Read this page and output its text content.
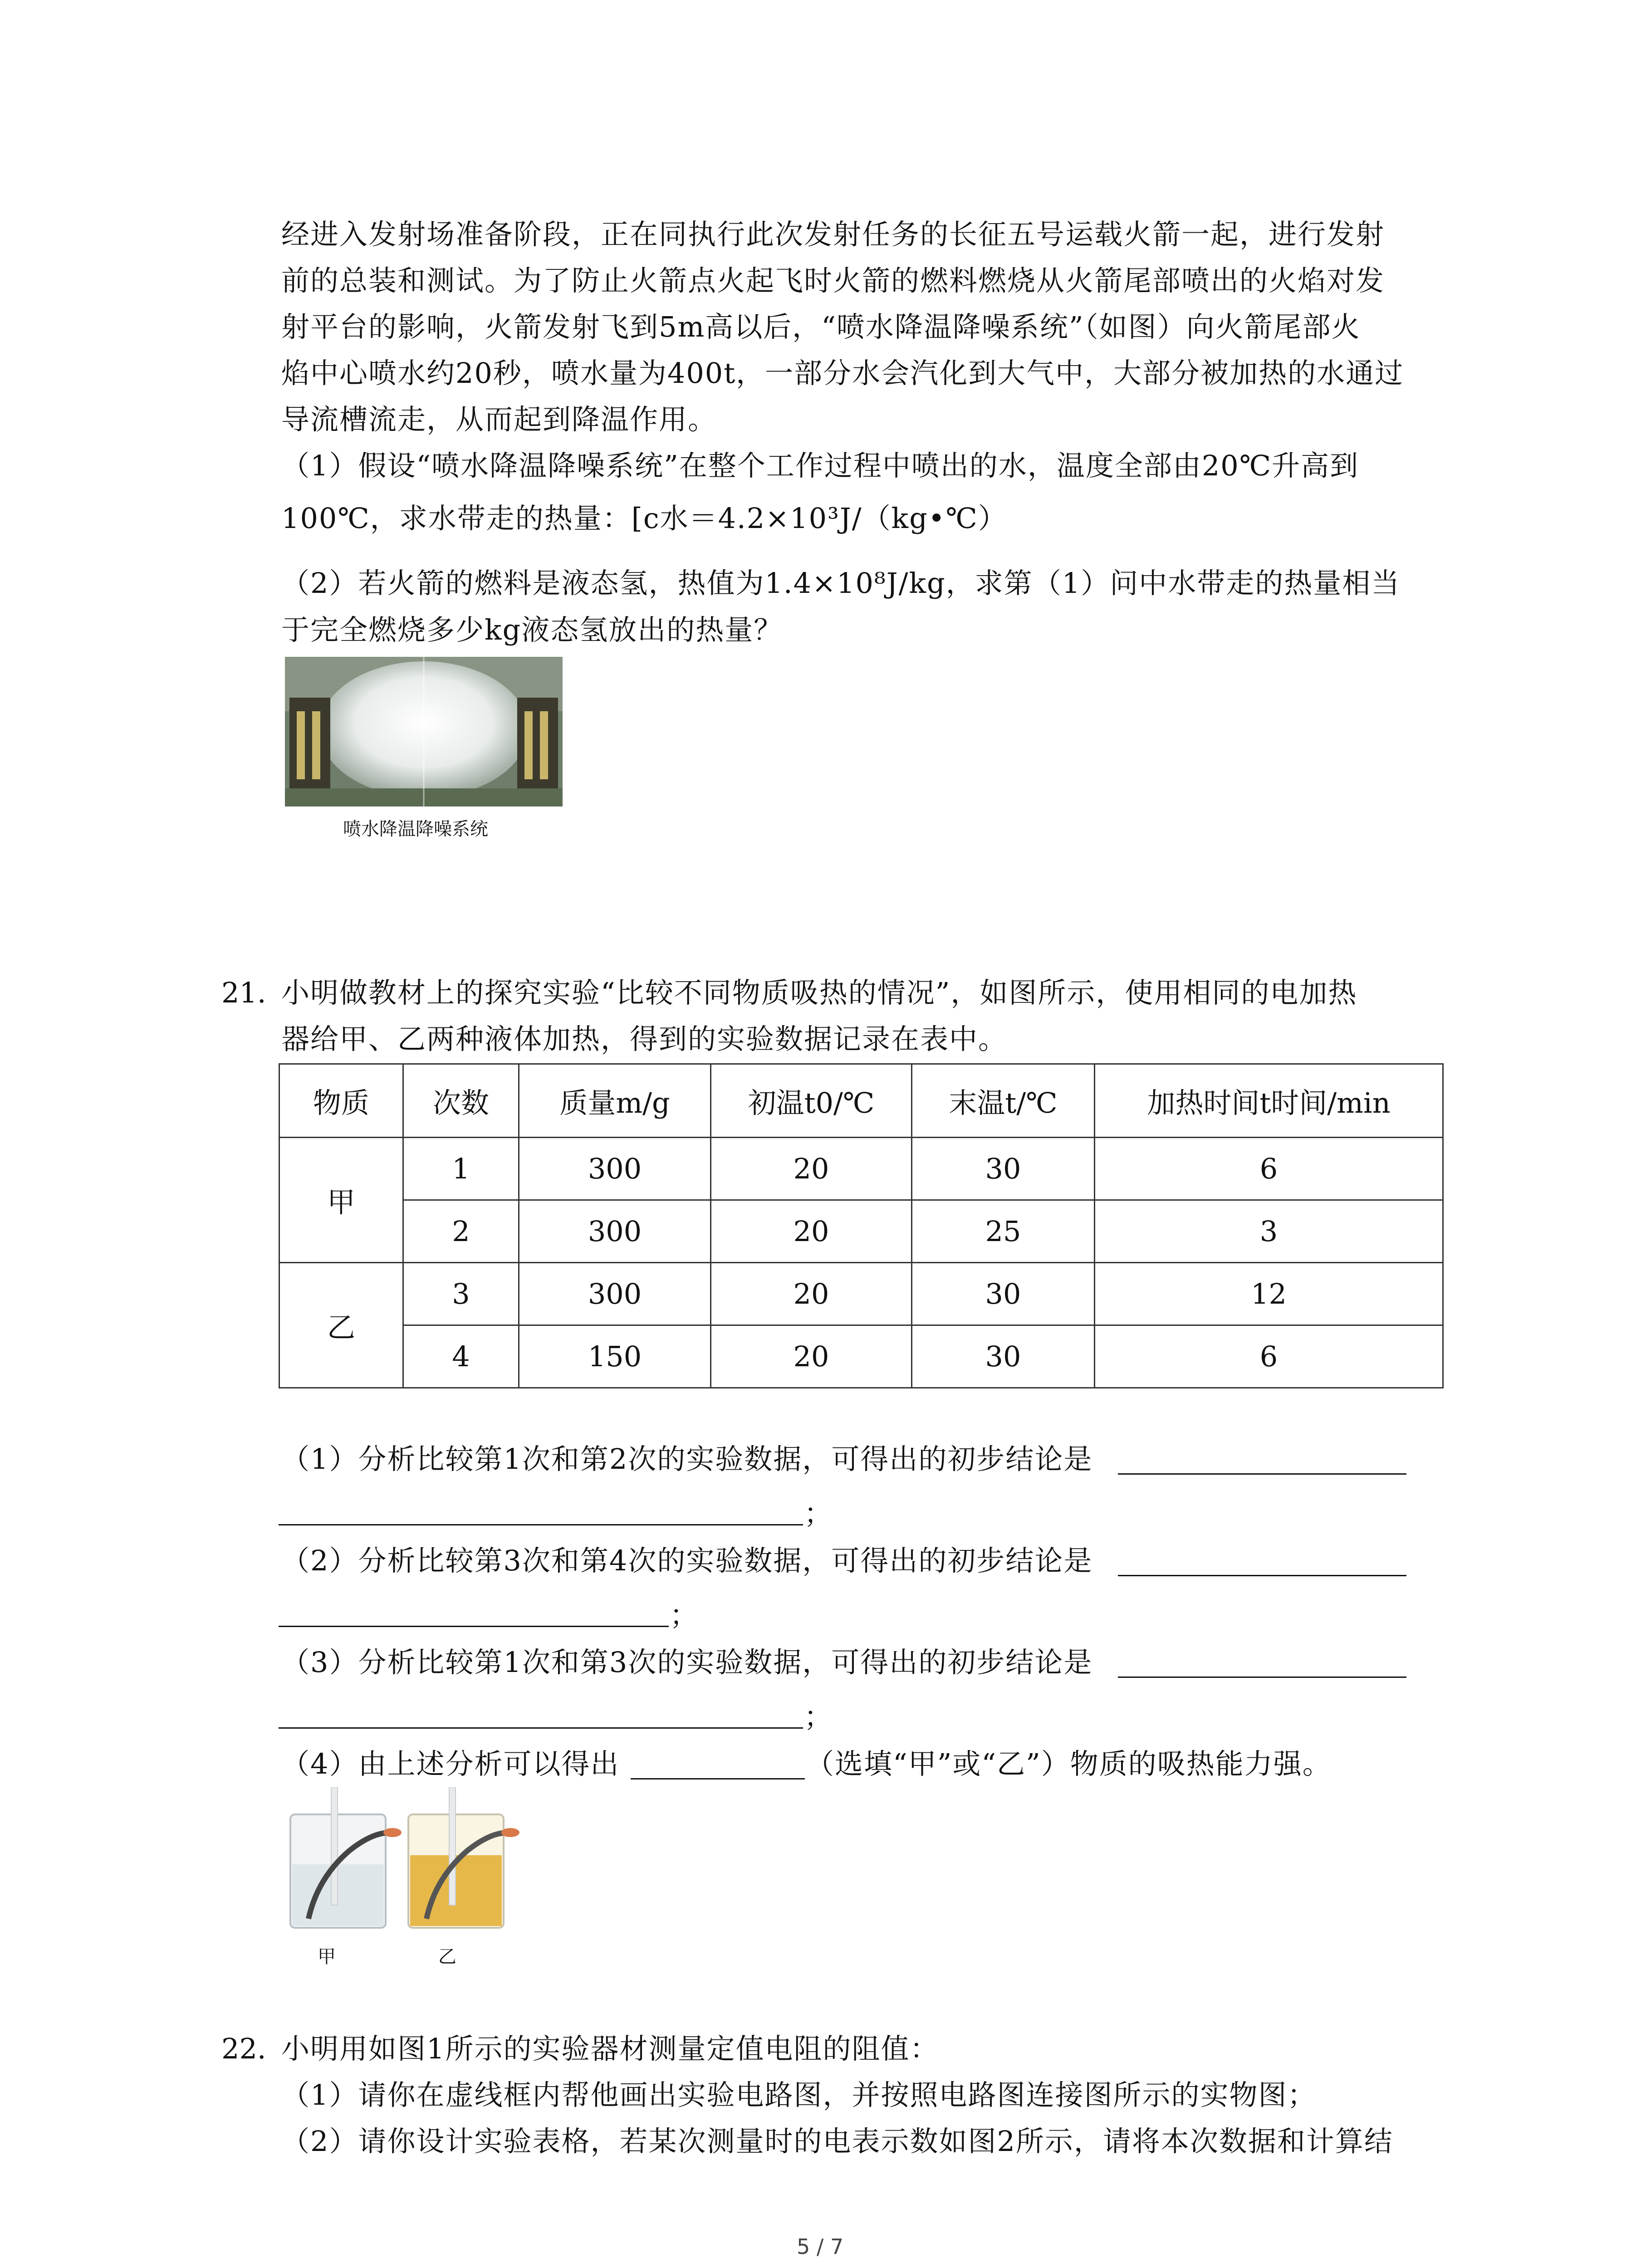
经进入发射场准备阶段，正在同执行此次发射任务的长征五号运载火箭一起，进行发射
前的总装和测试。为了防止火箭点火起飞时火箭的燃料燃烧从火箭尾部喷出的火焰对发
射平台的影响，火箭发射飞到5m高以后，“喷水降温降噪系统”（如图）向火箭尾部火
焰中心喷水约20秒，喷水量为400t，一部分水会汽化到大气中，大部分被加热的水通过
导流槽流走，从而起到降温作用。
（1）假设“喷水降温降噪系统”在整个工作过程中喷出的水，温度全部由20℃升高到
100℃，求水带走的热量：[c水＝4.2×10³J/（kg•℃）
（2）若火箭的燃料是液态氢，热值为1.4×10⁸J/kg，求第（1）问中水带走的热量相当
于完全燃烧多少kg液态氢放出的热量？
喷水降温降噪系统
21. 小明做教材上的探究实验“比较不同物质吸热的情况”，如图所示，使用相同的电加热
器给甲、乙两种液体加热，得到的实验数据记录在表中。
物质	次数	质量m/g	初温t0/℃	末温t/℃	加热时间t时间/min
甲	1	300	20	30	6
	2	300	20	25	3
乙	3	300	20	30	12
	4	150	20	30	6
（1）分析比较第1次和第2次的实验数据，可得出的初步结论是
；
（2）分析比较第3次和第4次的实验数据，可得出的初步结论是
；
（3）分析比较第1次和第3次的实验数据，可得出的初步结论是
；
（4）由上述分析可以得出	（选填“甲”或“乙”）物质的吸热能力强。
甲	乙
22. 小明用如图1所示的实验器材测量定值电阻的阻值：
（1）请你在虚线框内帮他画出实验电路图，并按照电路图连接图所示的实物图；
（2）请你设计实验表格，若某次测量时的电表示数如图2所示，请将本次数据和计算结
5 / 7
